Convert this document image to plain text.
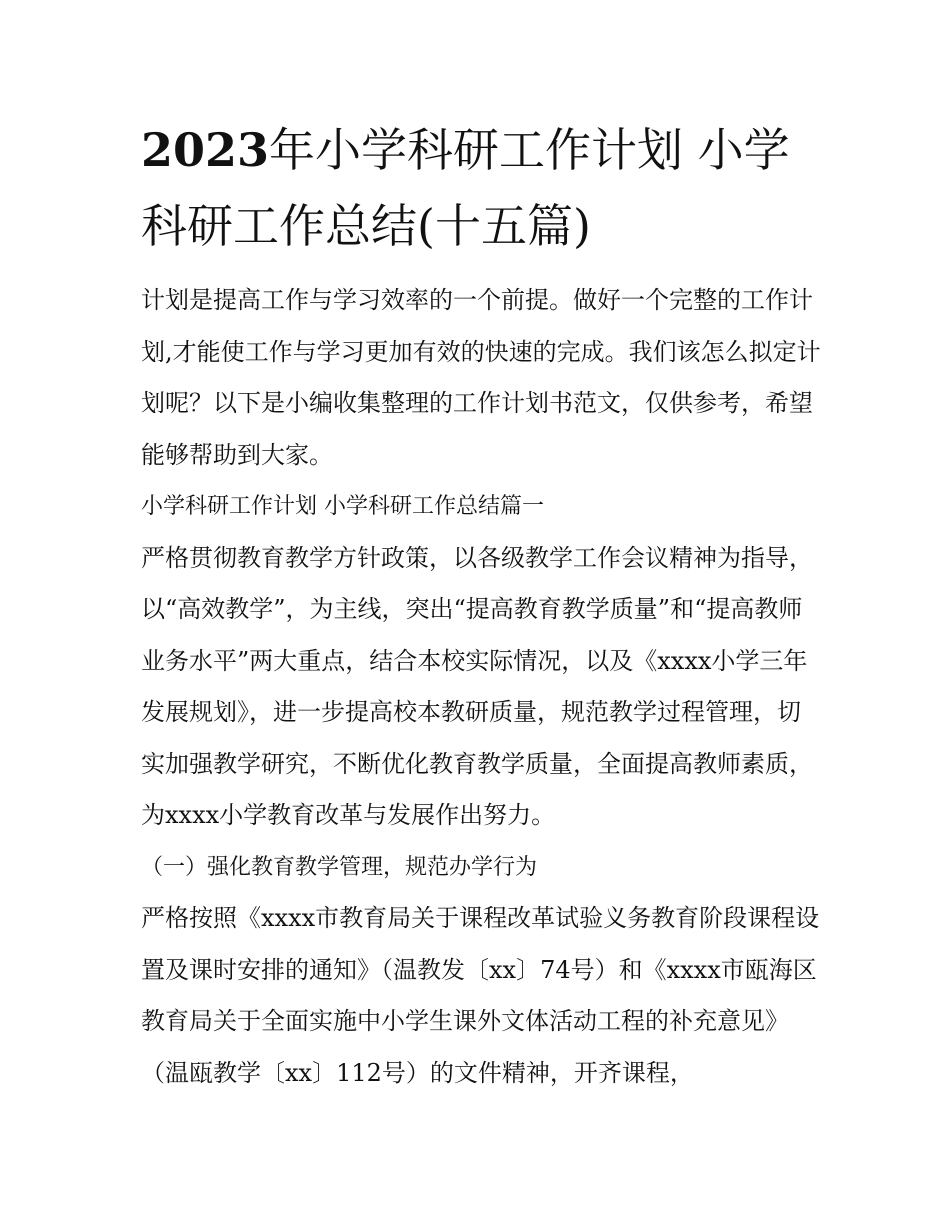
2023年小学科研工作计划 小学科研工作总结(十五篇)

计划是提高工作与学习效率的一个前提。做好一个完整的工作计划,才能使工作与学习更加有效的快速的完成。我们该怎么拟定计划呢？以下是小编收集整理的工作计划书范文，仅供参考，希望能够帮助到大家。

小学科研工作计划 小学科研工作总结篇一

严格贯彻教育教学方针政策，以各级教学工作会议精神为指导，以“高效教学”，为主线，突出“提高教育教学质量”和“提高教师业务水平”两大重点，结合本校实际情况，以及《xxxx小学三年发展规划》，进一步提高校本教研质量，规范教学过程管理，切实加强教学研究，不断优化教育教学质量，全面提高教师素质，为xxxx小学教育改革与发展作出努力。

（一）强化教育教学管理，规范办学行为

严格按照《xxxx市教育局关于课程改革试验义务教育阶段课程设置及课时安排的通知》（温教发〔xx〕74号）和《xxxx市瓯海区教育局关于全面实施中小学生课外文体活动工程的补充意见》（温瓯教学〔xx〕112号）的文件精神，开齐课程，
